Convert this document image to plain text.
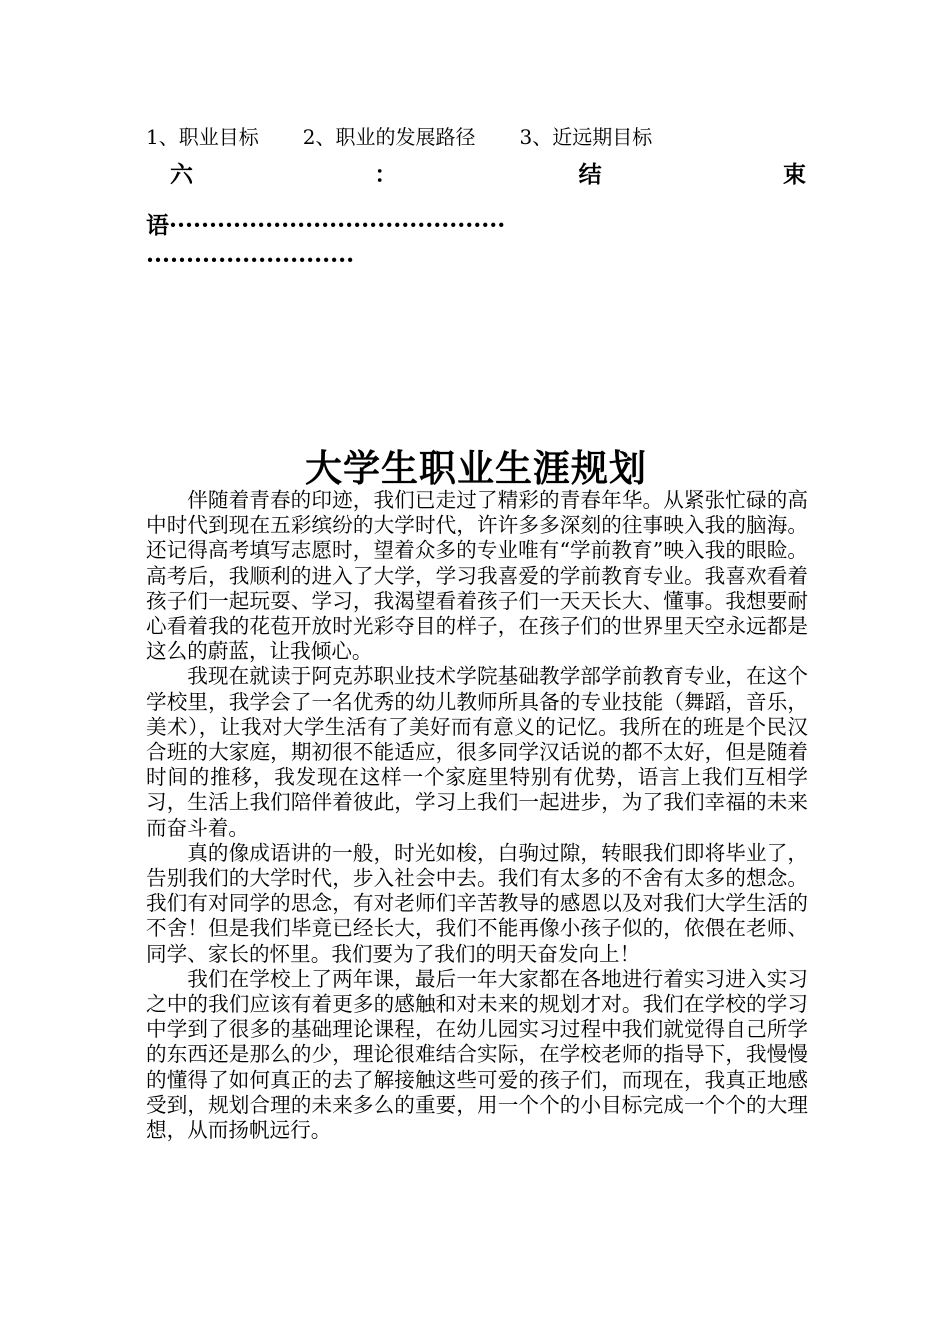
1、职业目标 2、职业的发展路径 3、近远期目标
六	：	结	束
语··········································
··························
大学生职业生涯规划

伴随着青春的印迹，我们已走过了精彩的青春年华。从紧张忙碌的高中时代到现在五彩缤纷的大学时代，许许多多深刻的往事映入我的脑海。还记得高考填写志愿时，望着众多的专业唯有“学前教育”映入我的眼睑。高考后，我顺利的进入了大学，学习我喜爱的学前教育专业。我喜欢看着孩子们一起玩耍、学习，我渴望看着孩子们一天天长大、懂事。我想要耐心看着我的花苞开放时光彩夺目的样子，在孩子们的世界里天空永远都是这么的蔚蓝，让我倾心。

我现在就读于阿克苏职业技术学院基础教学部学前教育专业，在这个学校里，我学会了一名优秀的幼儿教师所具备的专业技能（舞蹈，音乐，美术），让我对大学生活有了美好而有意义的记忆。我所在的班是个民汉合班的大家庭，期初很不能适应，很多同学汉话说的都不太好，但是随着时间的推移，我发现在这样一个家庭里特别有优势，语言上我们互相学习，生活上我们陪伴着彼此，学习上我们一起进步，为了我们幸福的未来而奋斗着。

真的像成语讲的一般，时光如梭，白驹过隙，转眼我们即将毕业了，告别我们的大学时代，步入社会中去。我们有太多的不舍有太多的想念。我们有对同学的思念，有对老师们辛苦教导的感恩以及对我们大学生活的不舍！但是我们毕竟已经长大，我们不能再像小孩子似的，依偎在老师、同学、家长的怀里。我们要为了我们的明天奋发向上！

我们在学校上了两年课，最后一年大家都在各地进行着实习进入实习之中的我们应该有着更多的感触和对未来的规划才对。我们在学校的学习中学到了很多的基础理论课程，在幼儿园实习过程中我们就觉得自己所学的东西还是那么的少，理论很难结合实际，在学校老师的指导下，我慢慢的懂得了如何真正的去了解接触这些可爱的孩子们，而现在，我真正地感受到，规划合理的未来多么的重要，用一个个的小目标完成一个个的大理想，从而扬帆远行。
